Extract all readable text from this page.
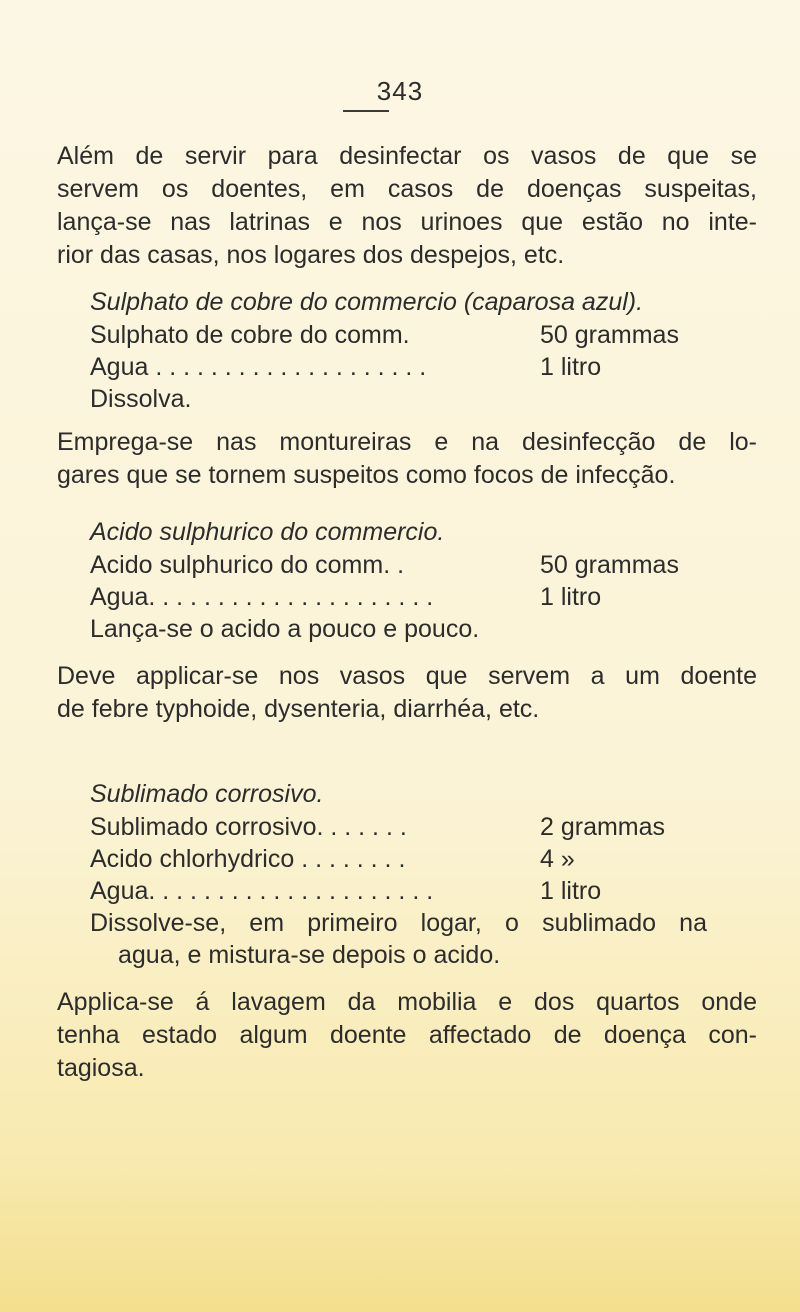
343
Além de servir para desinfectar os vasos de que se
servem os doentes, em casos de doenças suspeitas,
lança-se nas latrinas e nos urinoes que estão no inte-
rior das casas, nos logares dos despejos, etc.
Sulphato de cobre do commercio (caparosa azul).
Sulphato de cobre do comm.	50 grammas
Agua . . . . . . . . . . . . . . . . . . . .	1 litro
Dissolva.
Emprega-se nas montureiras e na desinfecção de lo-
gares que se tornem suspeitos como focos de infecção.
Acido sulphurico do commercio.
Acido sulphurico do comm. .	50 grammas
Agua. . . . . . . . . . . . . . . . . . . . .	1 litro
Lança-se o acido a pouco e pouco.
Deve applicar-se nos vasos que servem a um doente
de febre typhoide, dysenteria, diarrhéa, etc.
Sublimado corrosivo.
Sublimado corrosivo. . . . . . .	2 grammas
Acido chlorhydrico . . . . . . . .	4 »
Agua. . . . . . . . . . . . . . . . . . . . .	1 litro
Dissolve-se, em primeiro logar, o sublimado na
agua, e mistura-se depois o acido.
Applica-se á lavagem da mobilia e dos quartos onde
tenha estado algum doente affectado de doença con-
tagiosa.
